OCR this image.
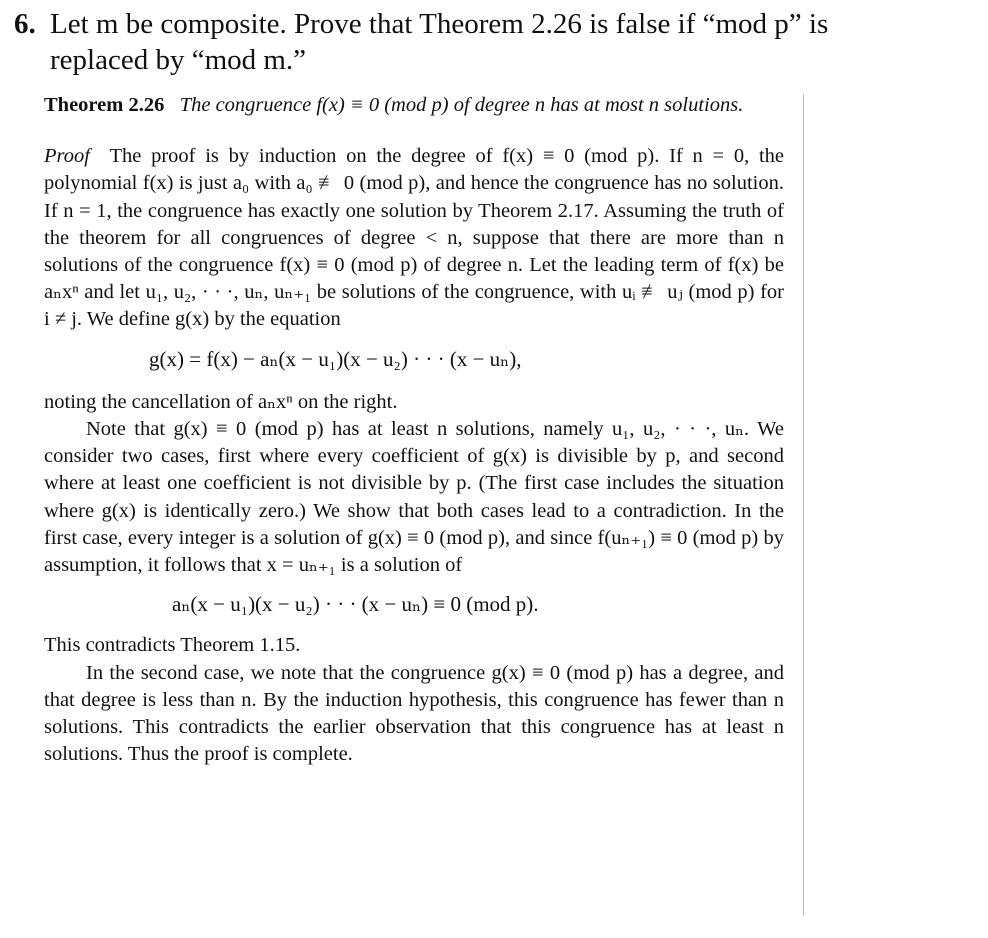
6. Let m be composite. Prove that Theorem 2.26 is false if “mod p” is
replaced by “mod m.”

Theorem 2.26 The congruence f(x) ≡ 0 (mod p) of degree n has at most n solutions.

Proof The proof is by induction on the degree of f(x) ≡ 0 (mod p). If n = 0, the polynomial f(x) is just a₀ with a₀ ≢ 0 (mod p), and hence the congruence has no solution. If n = 1, the congruence has exactly one solution by Theorem 2.17. Assuming the truth of the theorem for all congruences of degree < n, suppose that there are more than n solutions of the congruence f(x) ≡ 0 (mod p) of degree n. Let the leading term of f(x) be aₙxⁿ and let u₁, u₂, · · ·, uₙ, uₙ₊₁ be solutions of the congruence, with uᵢ ≢ uⱼ (mod p) for i ≠ j. We define g(x) by the equation

g(x) = f(x) − aₙ(x − u₁)(x − u₂) · · · (x − uₙ),

noting the cancellation of aₙxⁿ on the right.

Note that g(x) ≡ 0 (mod p) has at least n solutions, namely u₁, u₂, · · ·, uₙ. We consider two cases, first where every coefficient of g(x) is divisible by p, and second where at least one coefficient is not divisible by p. (The first case includes the situation where g(x) is identically zero.) We show that both cases lead to a contradiction. In the first case, every integer is a solution of g(x) ≡ 0 (mod p), and since f(uₙ₊₁) ≡ 0 (mod p) by assumption, it follows that x = uₙ₊₁ is a solution of

aₙ(x − u₁)(x − u₂) · · · (x − uₙ) ≡ 0 (mod p).

This contradicts Theorem 1.15.

In the second case, we note that the congruence g(x) ≡ 0 (mod p) has a degree, and that degree is less than n. By the induction hypothesis, this congruence has fewer than n solutions. This contradicts the earlier observation that this congruence has at least n solutions. Thus the proof is complete.
